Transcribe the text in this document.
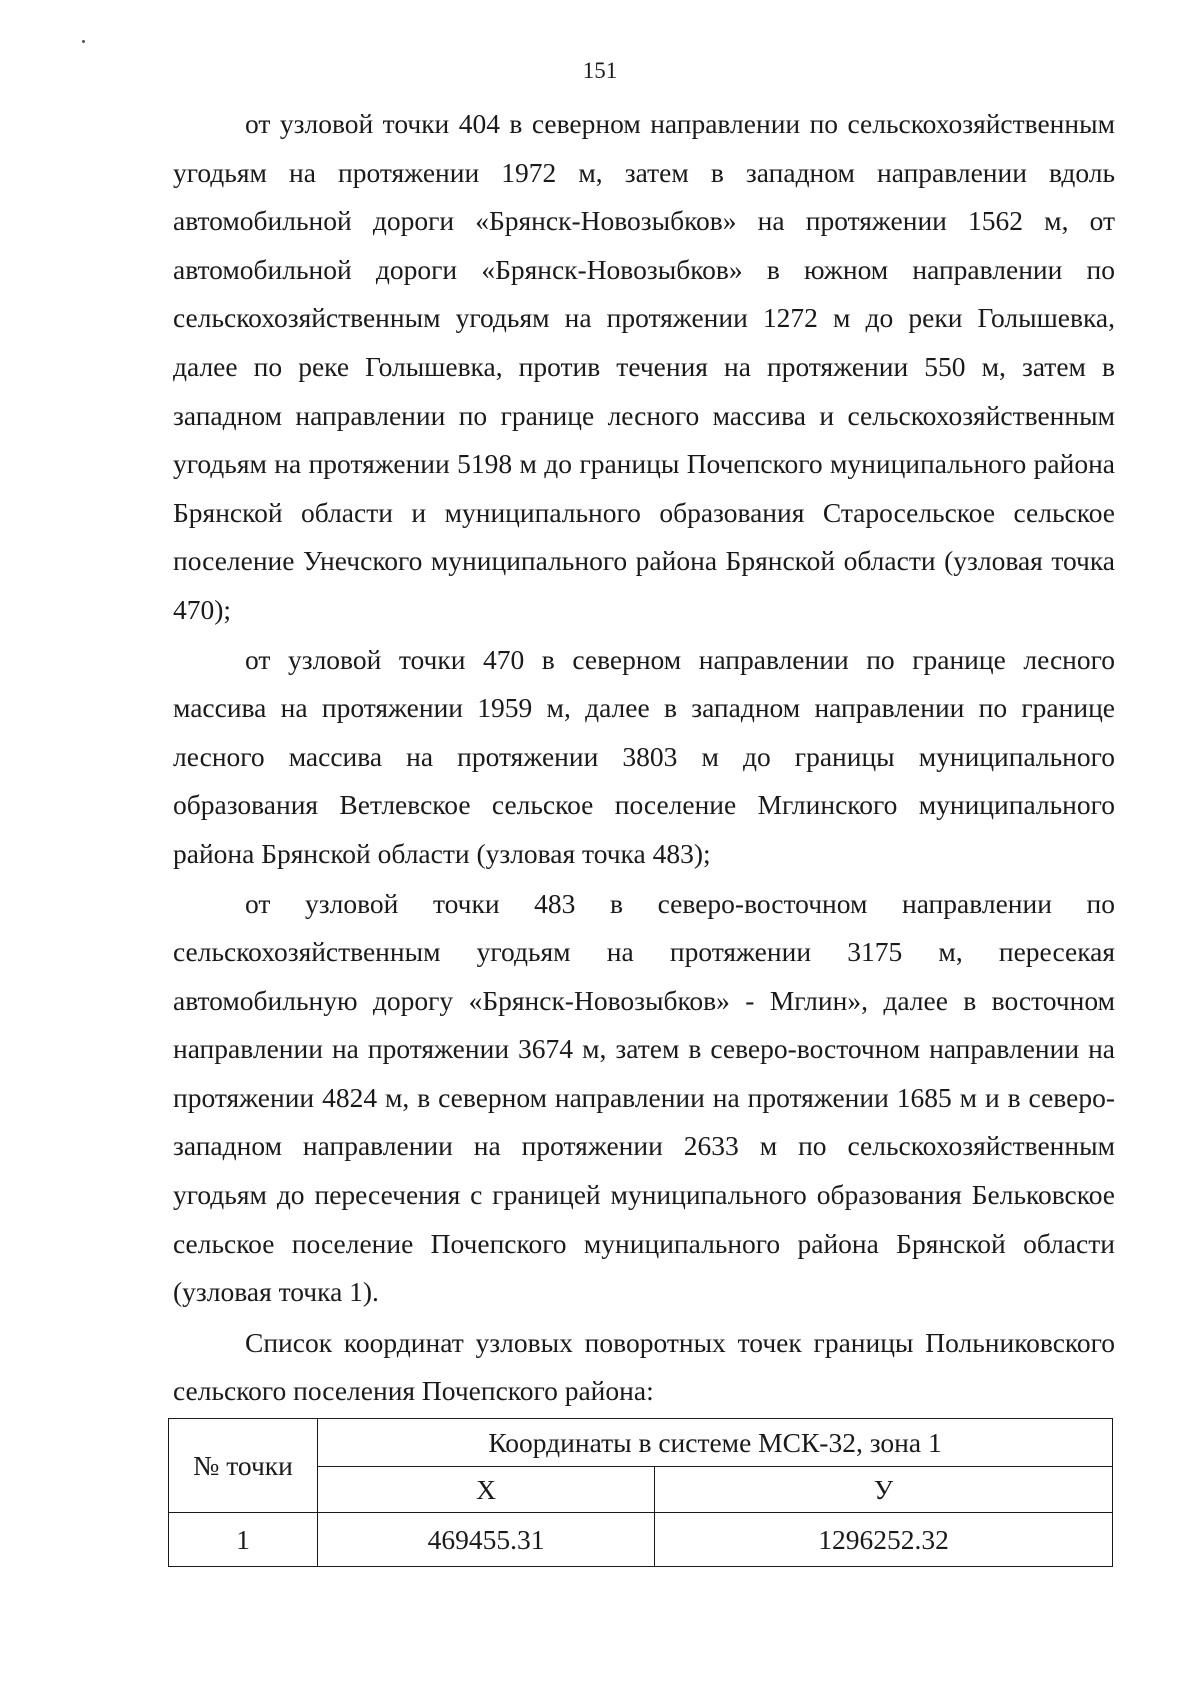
151

от узловой точки 404 в северном направлении по сельскохозяйственным угодьям на протяжении 1972 м, затем в западном направлении вдоль автомобильной дороги «Брянск-Новозыбков» на протяжении 1562 м, от автомобильной дороги «Брянск-Новозыбков» в южном направлении по сельскохозяйственным угодьям на протяжении 1272 м до реки Голышевка, далее по реке Голышевка, против течения на протяжении 550 м, затем в западном направлении по границе лесного массива и сельскохозяйственным угодьям на протяжении 5198 м до границы Почепского муниципального района Брянской области и муниципального образования Старосельское сельское поселение Унечского муниципального района Брянской области (узловая точка 470);

от узловой точки 470 в северном направлении по границе лесного массива на протяжении 1959 м, далее в западном направлении по границе лесного массива на протяжении 3803 м до границы муниципального образования Ветлевское сельское поселение Мглинского муниципального района Брянской области (узловая точка 483);

от узловой точки 483 в северо-восточном направлении по сельскохозяйственным угодьям на протяжении 3175 м, пересекая автомобильную дорогу «Брянск-Новозыбков» - Мглин», далее в восточном направлении на протяжении 3674 м, затем в северо-восточном направлении на протяжении 4824 м, в северном направлении на протяжении 1685 м и в северо-западном направлении на протяжении 2633 м по сельскохозяйственным угодьям до пересечения с границей муниципального образования Бельковское сельское поселение Почепского муниципального района Брянской области (узловая точка 1).

Список координат узловых поворотных точек границы Польниковского сельского поселения Почепского района:

№ точки	Координаты в системе МСК-32, зона 1	
	X	У
1	469455.31	1296252.32
